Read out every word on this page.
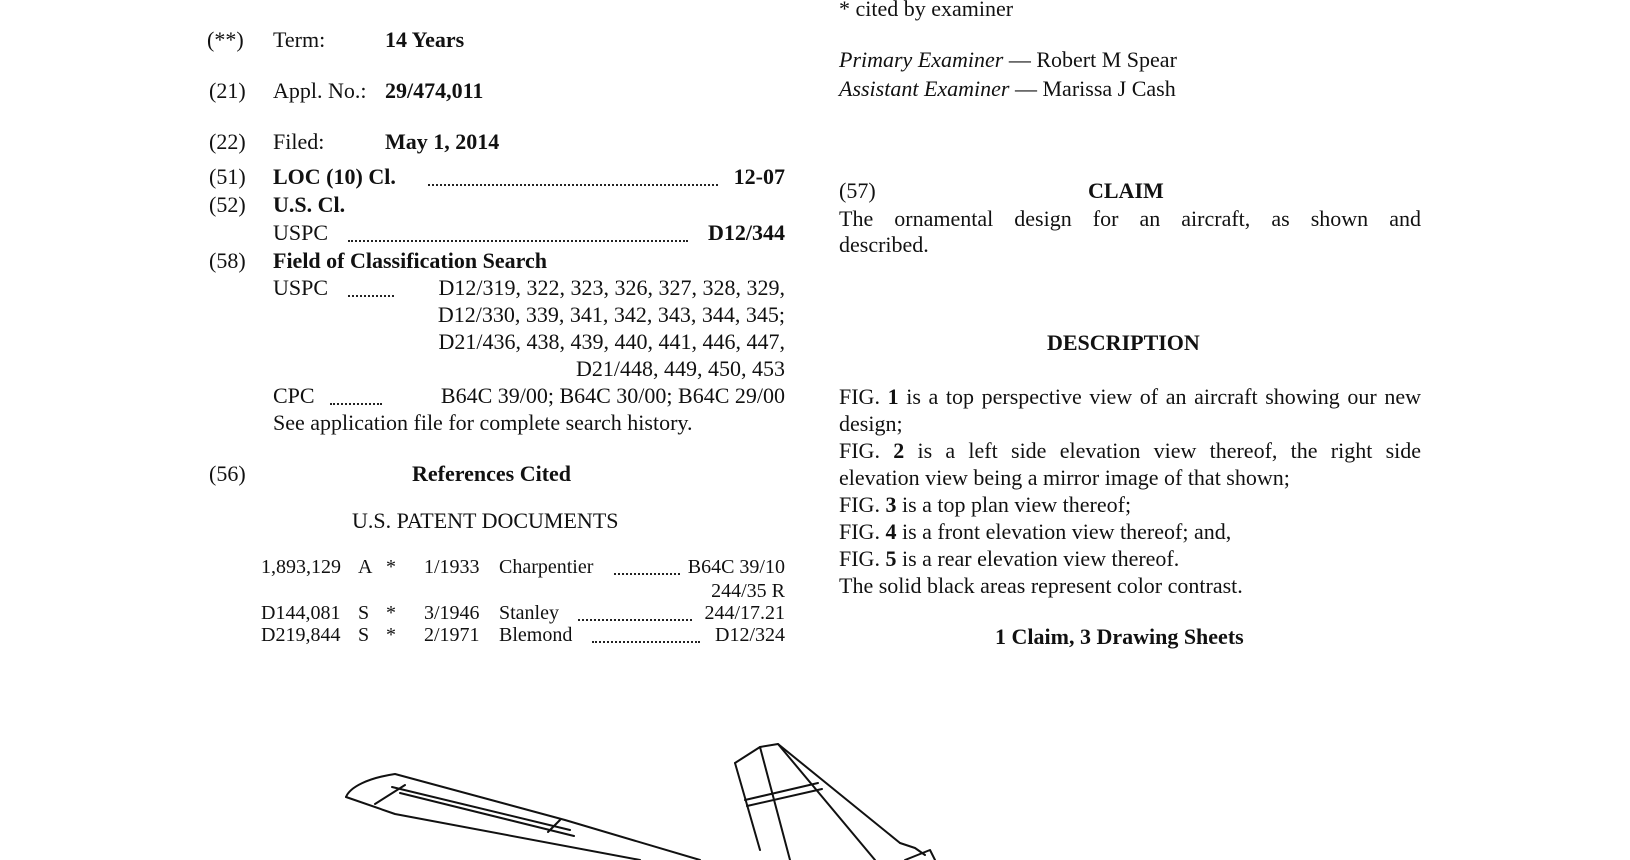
(**) Term:	14 Years
(21) Appl. No.: 29/474,011
(22) Filed:	May 1, 2014
(51) LOC (10) Cl.	12-07
(52) U.S. Cl.
USPC	D12/344
(58) Field of Classification Search
USPC	D12/319, 322, 323, 326, 327, 328, 329,
D12/330, 339, 341, 342, 343, 344, 345;
D21/436, 438, 439, 440, 441, 446, 447,
D21/448, 449, 450, 453
CPC	B64C 39/00; B64C 30/00; B64C 29/00
See application file for complete search history.
(56)	References Cited
U.S. PATENT DOCUMENTS
1,893,129 A * 1/1933 Charpentier	B64C 39/10
244/35 R
D144,081 S * 3/1946 Stanley	244/17.21
D219,844 S * 2/1971 Blemond	D12/324
* cited by examiner
Primary Examiner — Robert M Spear
Assistant Examiner — Marissa J Cash
(57)	CLAIM
The ornamental design for an aircraft, as shown and
described.
DESCRIPTION
FIG. 1 is a top perspective view of an aircraft showing our new
design;
FIG. 2 is a left side elevation view thereof, the right side
elevation view being a mirror image of that shown;
FIG. 3 is a top plan view thereof;
FIG. 4 is a front elevation view thereof; and,
FIG. 5 is a rear elevation view thereof.
The solid black areas represent color contrast.
1 Claim, 3 Drawing Sheets
